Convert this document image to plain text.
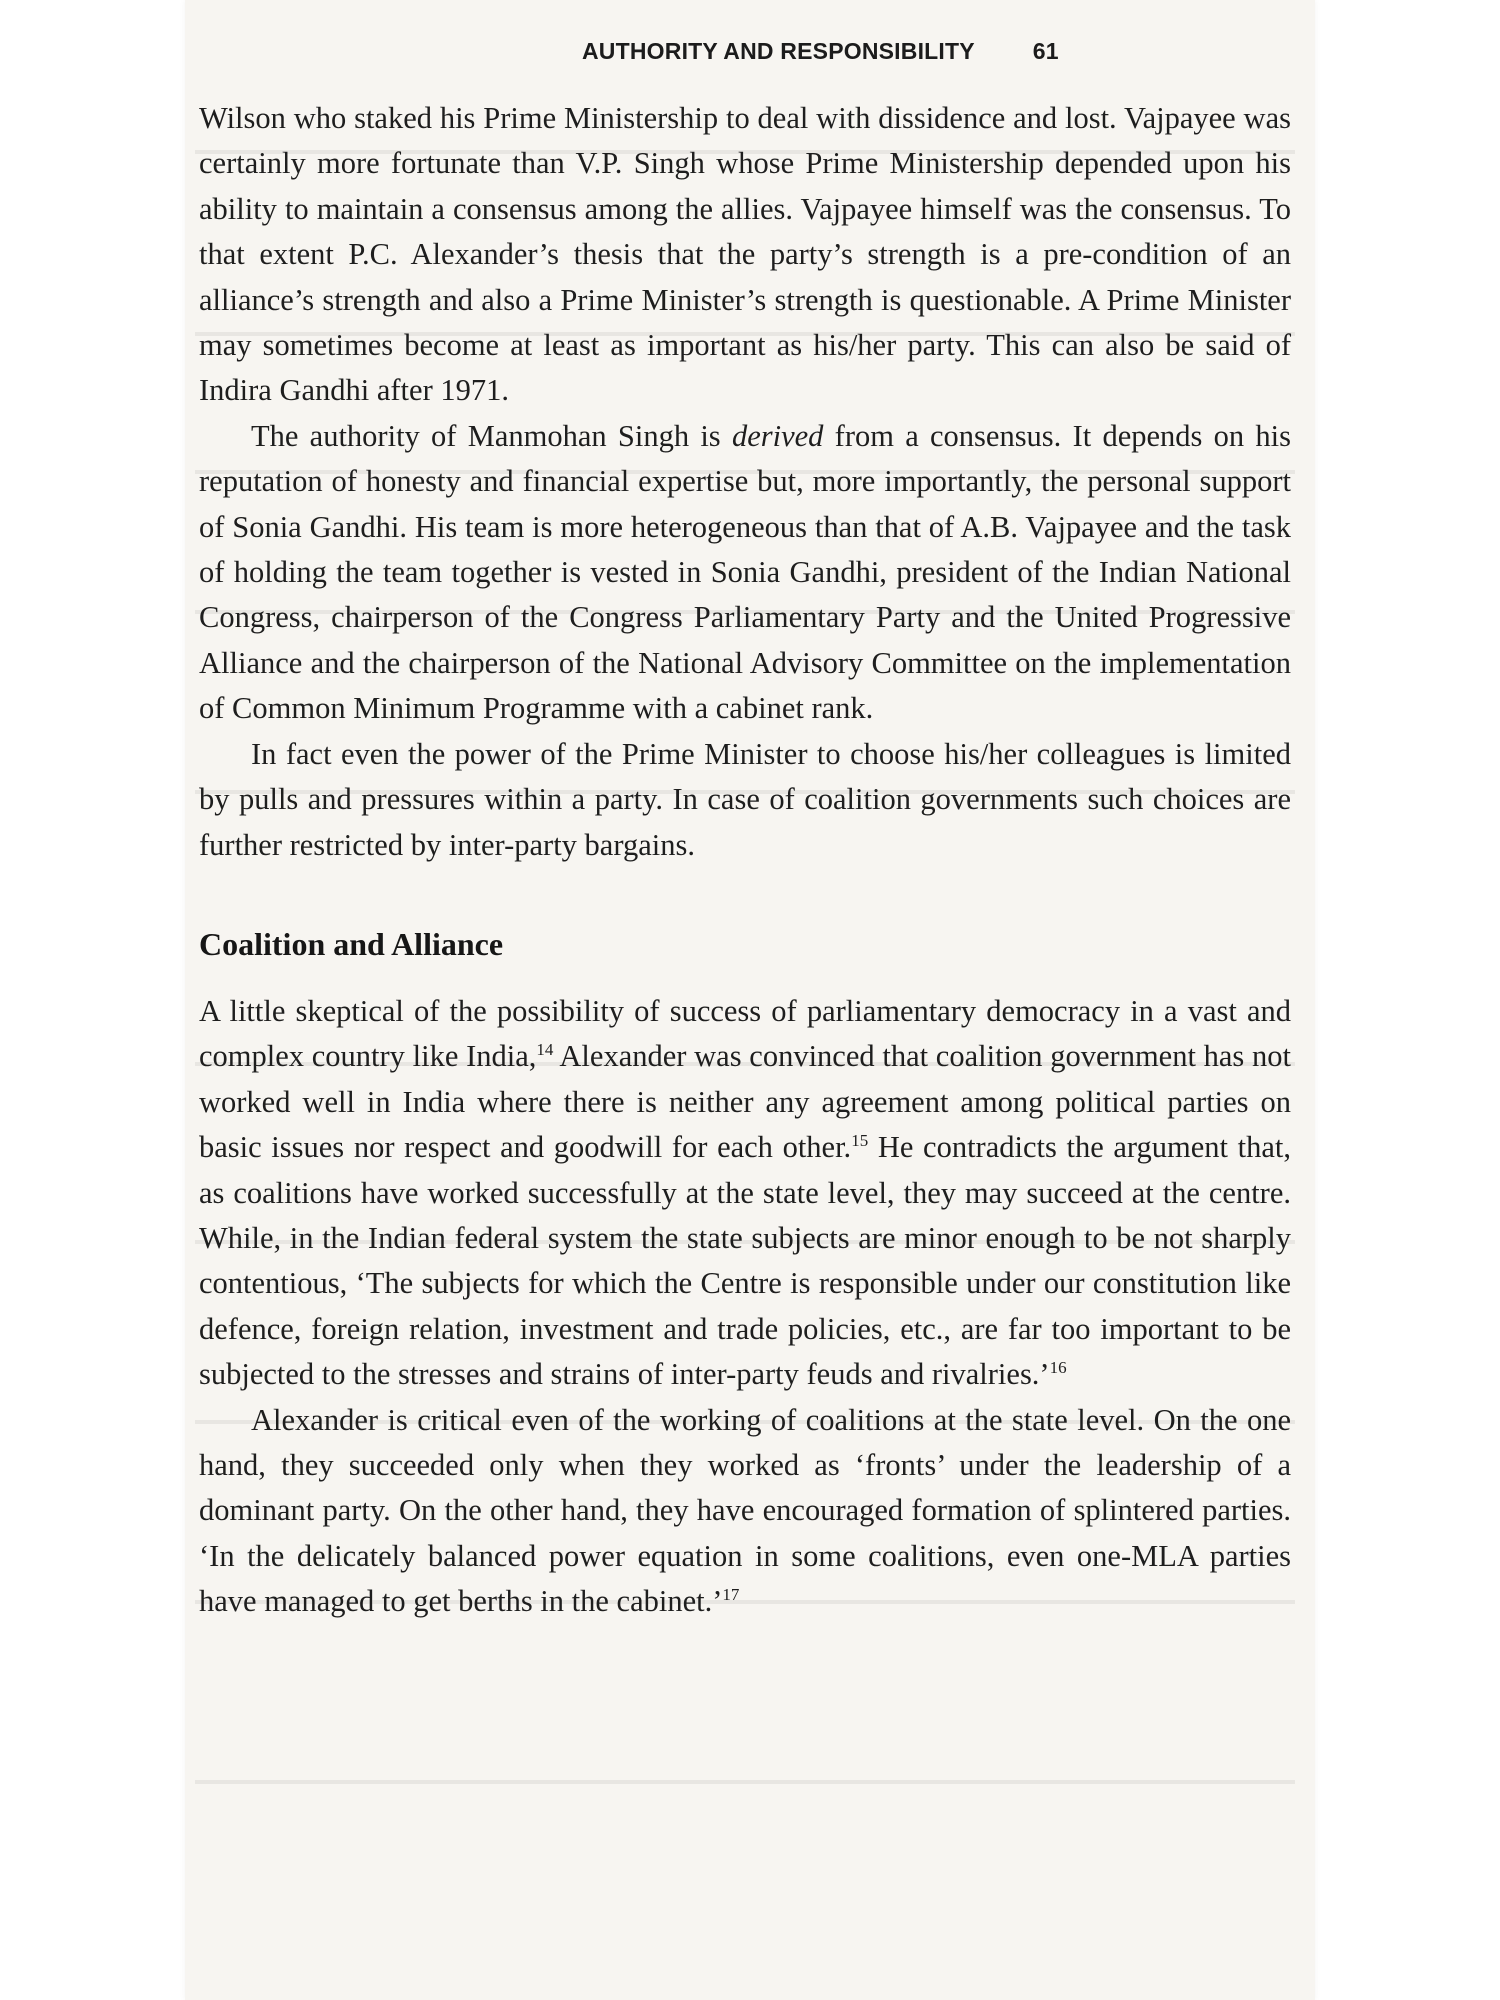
AUTHORITY AND RESPONSIBILITY	61

Wilson who staked his Prime Ministership to deal with dissidence and lost. Vajpayee was certainly more fortunate than V.P. Singh whose Prime Ministership depended upon his ability to maintain a consensus among the allies. Vajpayee himself was the consensus. To that extent P.C. Alexander’s thesis that the party’s strength is a pre-condition of an alliance’s strength and also a Prime Minister’s strength is questionable. A Prime Minister may sometimes become at least as important as his/her party. This can also be said of Indira Gandhi after 1971.

The authority of Manmohan Singh is derived from a consensus. It depends on his reputation of honesty and financial expertise but, more importantly, the personal support of Sonia Gandhi. His team is more heterogeneous than that of A.B. Vajpayee and the task of holding the team together is vested in Sonia Gandhi, president of the Indian National Congress, chairperson of the Congress Parliamentary Party and the United Progressive Alliance and the chairperson of the National Advisory Committee on the implementation of Common Minimum Programme with a cabinet rank.

In fact even the power of the Prime Minister to choose his/her colleagues is limited by pulls and pressures within a party. In case of coalition governments such choices are further restricted by inter-party bargains.

Coalition and Alliance

A little skeptical of the possibility of success of parliamentary democracy in a vast and complex country like India,$^{14}$ Alexander was convinced that coalition government has not worked well in India where there is neither any agreement among political parties on basic issues nor respect and goodwill for each other.$^{15}$ He contradicts the argument that, as coalitions have worked successfully at the state level, they may succeed at the centre. While, in the Indian federal system the state subjects are minor enough to be not sharply contentious, ‘The subjects for which the Centre is responsible under our constitution like defence, foreign relation, investment and trade policies, etc., are far too important to be subjected to the stresses and strains of inter-party feuds and rivalries.’$^{16}$

Alexander is critical even of the working of coalitions at the state level. On the one hand, they succeeded only when they worked as ‘fronts’ under the leadership of a dominant party. On the other hand, they have encouraged formation of splintered parties. ‘In the delicately balanced power equation in some coalitions, even one-MLA parties have managed to get berths in the cabinet.’$^{17}$
